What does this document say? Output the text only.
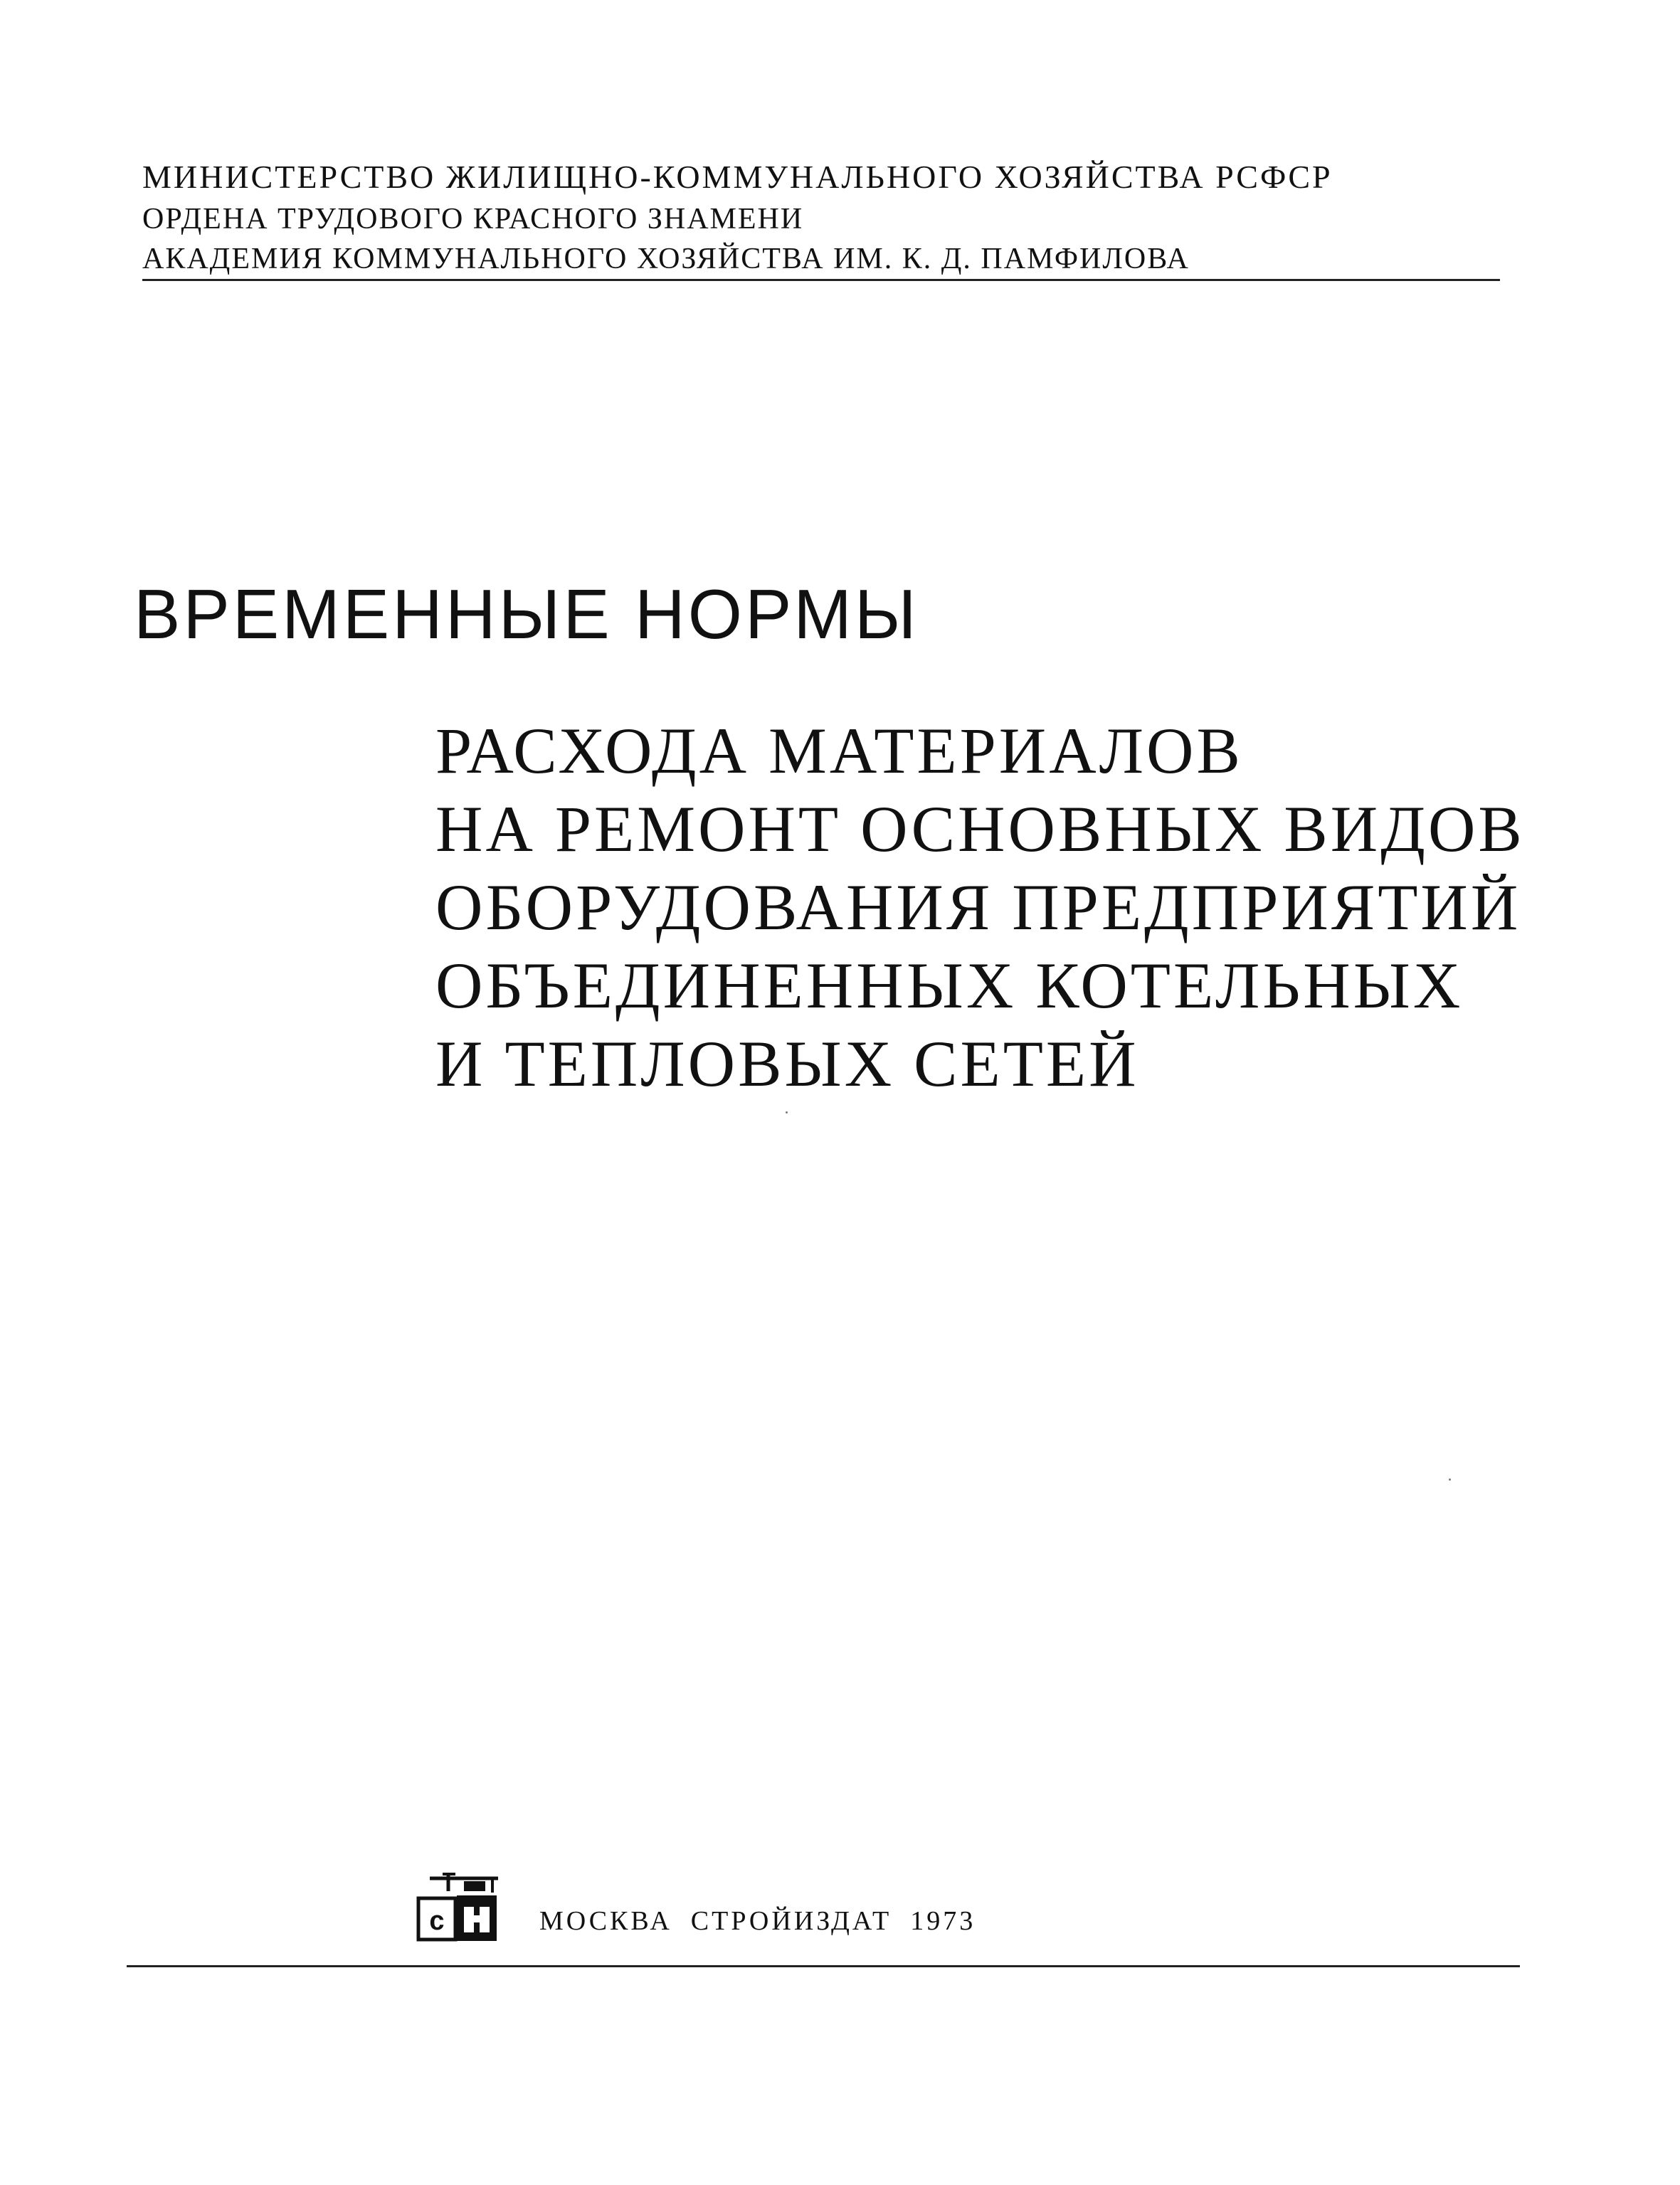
МИНИСТЕРСТВО ЖИЛИЩНО-КОММУНАЛЬНОГО ХОЗЯЙСТВА РСФСР
ОРДЕНА ТРУДОВОГО КРАСНОГО ЗНАМЕНИ
АКАДЕМИЯ КОММУНАЛЬНОГО ХОЗЯЙСТВА ИМ. К. Д. ПАМФИЛОВА
ВРЕМЕННЫЕ НОРМЫ
РАСХОДА МАТЕРИАЛОВ
НА РЕМОНТ ОСНОВНЫХ ВИДОВ
ОБОРУДОВАНИЯ ПРЕДПРИЯТИЙ
ОБЪЕДИНЕННЫХ КОТЕЛЬНЫХ
И ТЕПЛОВЫХ СЕТЕЙ
с	МОСКВА СТРОЙИЗДАТ 1973
